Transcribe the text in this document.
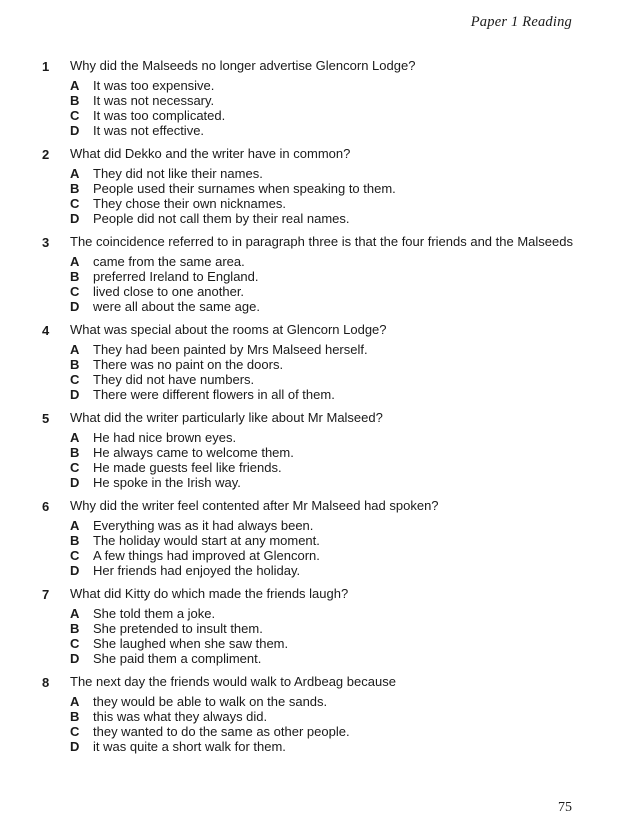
Paper 1 Reading
1 Why did the Malseeds no longer advertise Glencorn Lodge?
A It was too expensive.
B It was not necessary.
C It was too complicated.
D It was not effective.
2 What did Dekko and the writer have in common?
A They did not like their names.
B People used their surnames when speaking to them.
C They chose their own nicknames.
D People did not call them by their real names.
3 The coincidence referred to in paragraph three is that the four friends and the Malseeds
A came from the same area.
B preferred Ireland to England.
C lived close to one another.
D were all about the same age.
4 What was special about the rooms at Glencorn Lodge?
A They had been painted by Mrs Malseed herself.
B There was no paint on the doors.
C They did not have numbers.
D There were different flowers in all of them.
5 What did the writer particularly like about Mr Malseed?
A He had nice brown eyes.
B He always came to welcome them.
C He made guests feel like friends.
D He spoke in the Irish way.
6 Why did the writer feel contented after Mr Malseed had spoken?
A Everything was as it had always been.
B The holiday would start at any moment.
C A few things had improved at Glencorn.
D Her friends had enjoyed the holiday.
7 What did Kitty do which made the friends laugh?
A She told them a joke.
B She pretended to insult them.
C She laughed when she saw them.
D She paid them a compliment.
8 The next day the friends would walk to Ardbeag because
A they would be able to walk on the sands.
B this was what they always did.
C they wanted to do the same as other people.
D it was quite a short walk for them.
75
